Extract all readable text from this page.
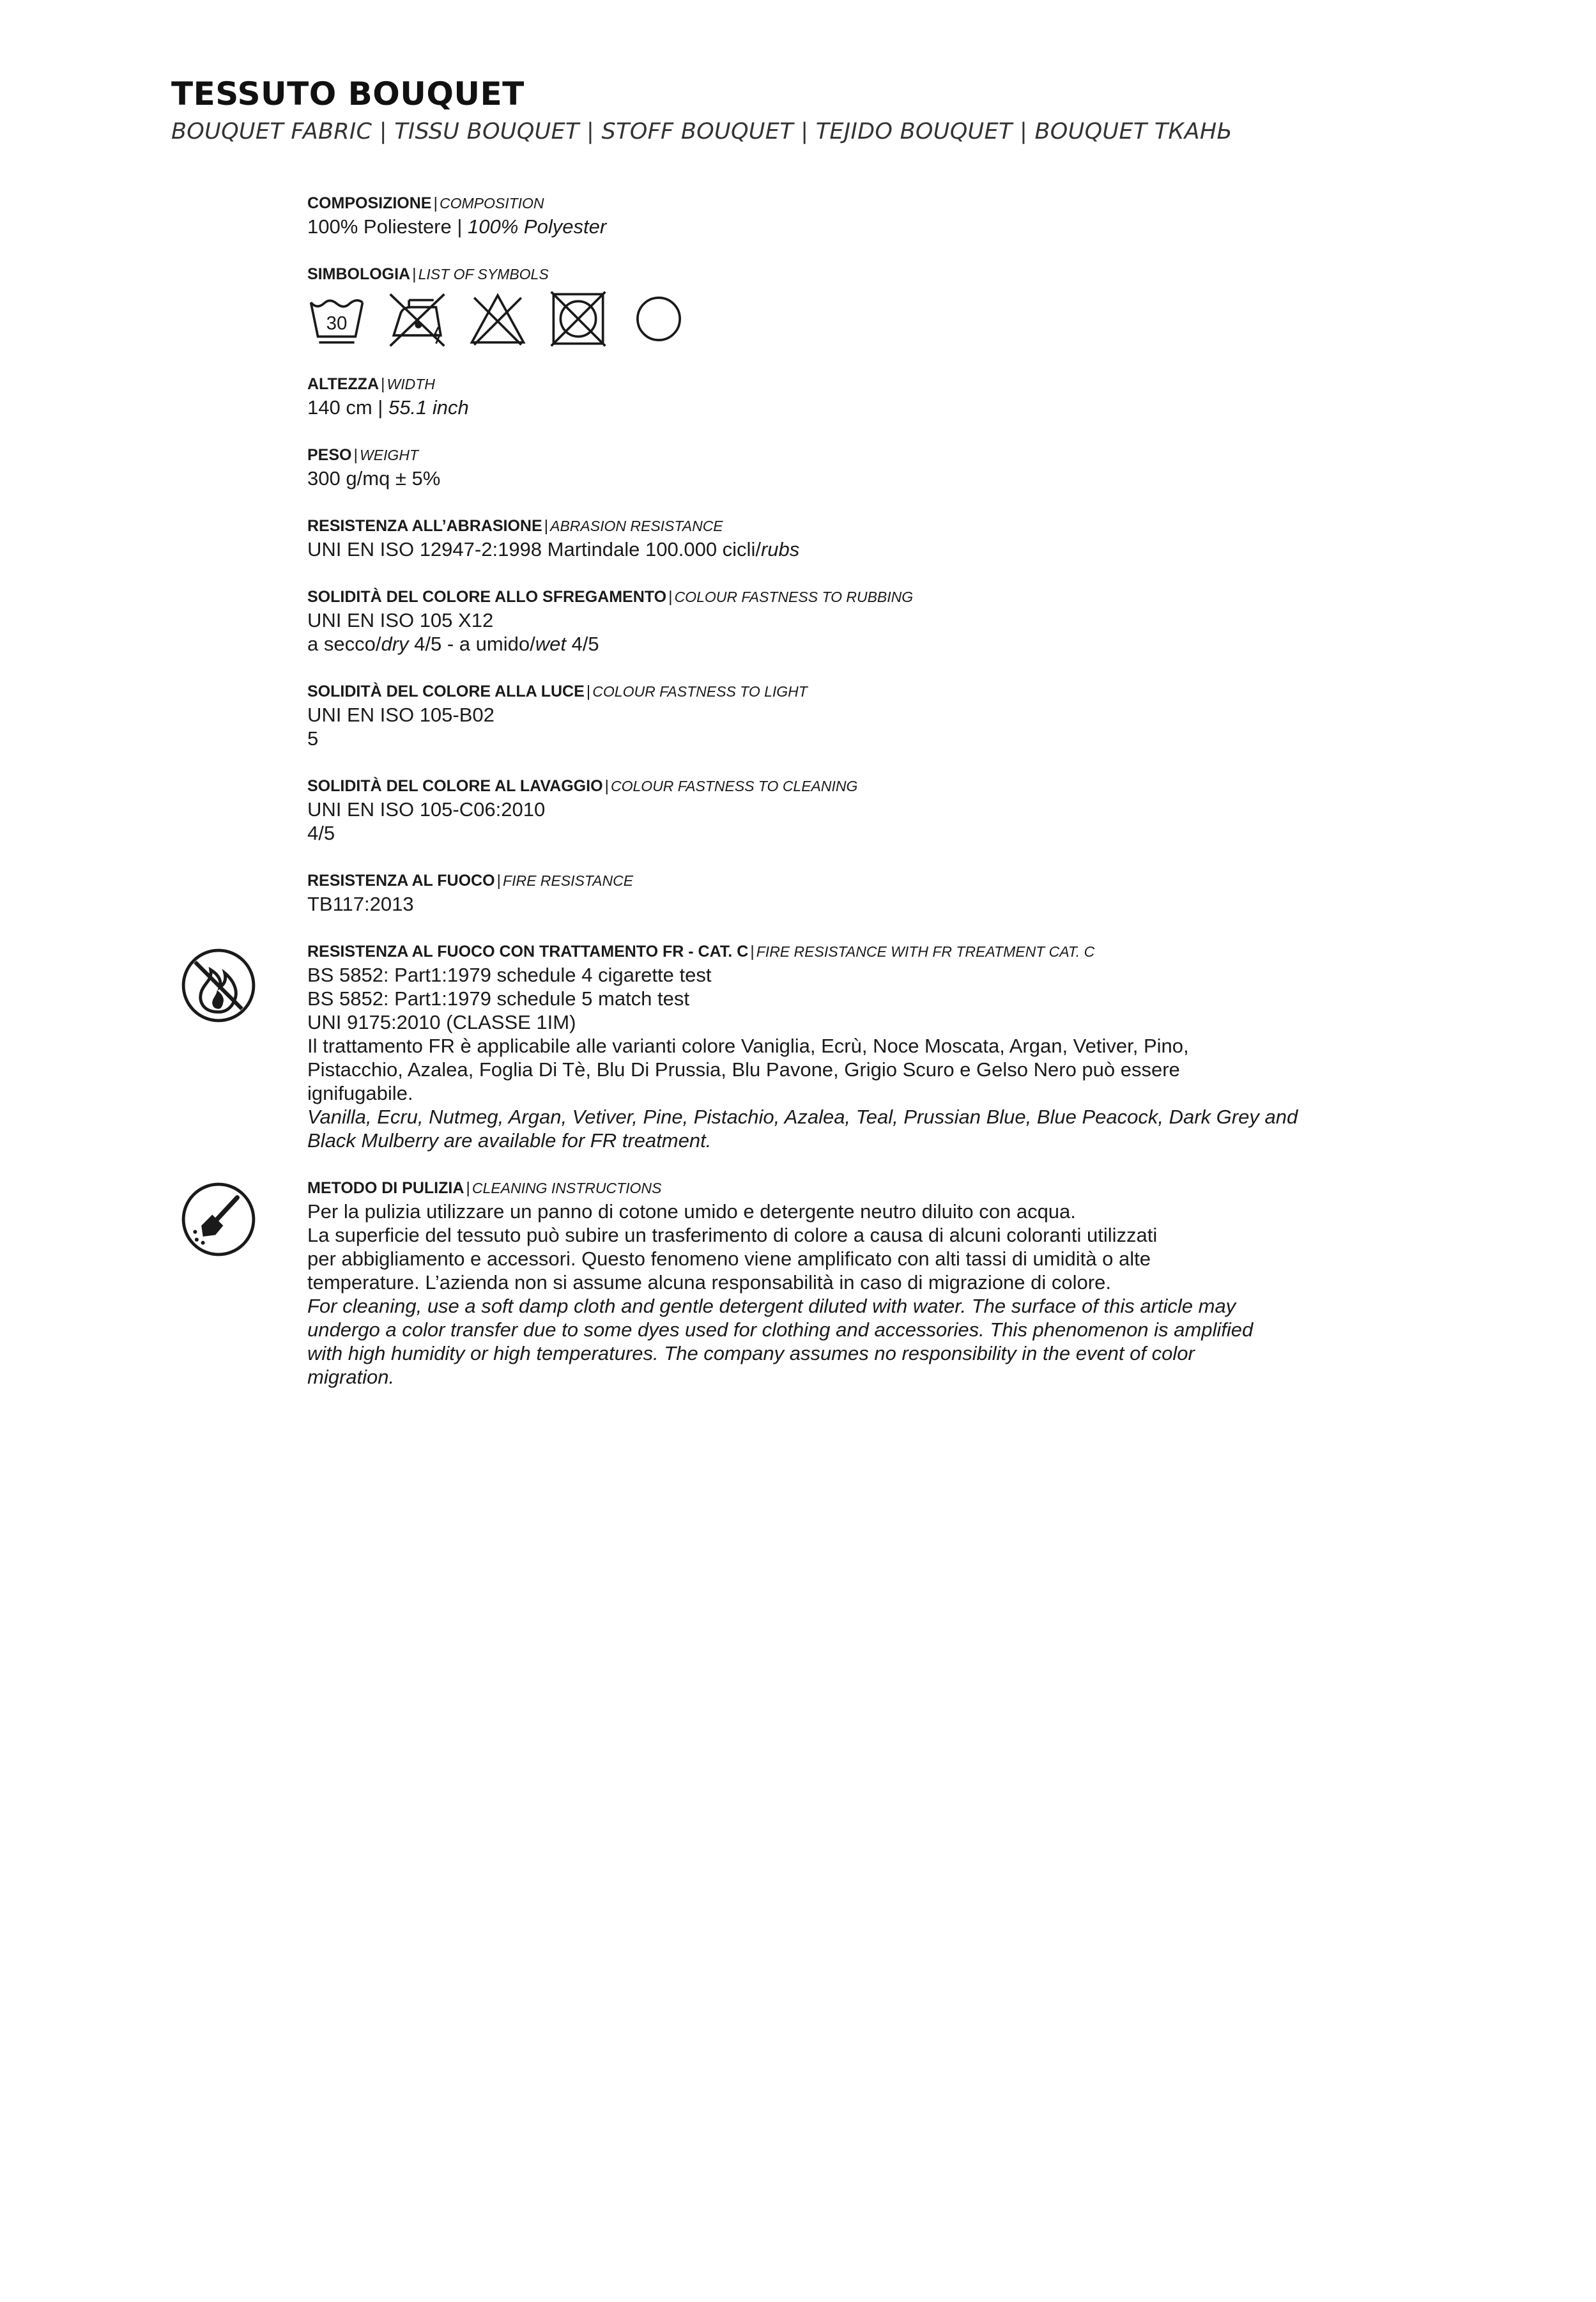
TESSUTO BOUQUET

BOUQUET FABRIC | TISSU BOUQUET | STOFF BOUQUET | TEJIDO BOUQUET | BOUQUET ТКАНЬ

COMPOSIZIONE | COMPOSITION
100% Poliestere | 100% Polyester
SIMBOLOGIA | LIST OF SYMBOLS
30
ALTEZZA | WIDTH
140 cm | 55.1 inch
PESO | WEIGHT
300 g/mq ± 5%
RESISTENZA ALL’ABRASIONE | ABRASION RESISTANCE
UNI EN ISO 12947-2:1998 Martindale 100.000 cicli/rubs
SOLIDITÀ DEL COLORE ALLO SFREGAMENTO | COLOUR FASTNESS TO RUBBING
UNI EN ISO 105 X12
a secco/dry 4/5 - a umido/wet 4/5
SOLIDITÀ DEL COLORE ALLA LUCE | COLOUR FASTNESS TO LIGHT
UNI EN ISO 105-B02
5
SOLIDITÀ DEL COLORE AL LAVAGGIO | COLOUR FASTNESS TO CLEANING
UNI EN ISO 105-C06:2010
4/5
RESISTENZA AL FUOCO | FIRE RESISTANCE
TB117:2013
RESISTENZA AL FUOCO CON TRATTAMENTO FR - CAT. C | FIRE RESISTANCE WITH FR TREATMENT CAT. C
BS 5852: Part1:1979 schedule 4 cigarette test
BS 5852: Part1:1979 schedule 5 match test
UNI 9175:2010 (CLASSE 1IM)
Il trattamento FR è applicabile alle varianti colore Vaniglia, Ecrù, Noce Moscata, Argan, Vetiver, Pino,
Pistacchio, Azalea, Foglia Di Tè, Blu Di Prussia, Blu Pavone, Grigio Scuro e Gelso Nero può essere
ignifugabile.
Vanilla, Ecru, Nutmeg, Argan, Vetiver, Pine, Pistachio, Azalea, Teal, Prussian Blue, Blue Peacock, Dark Grey and
Black Mulberry are available for FR treatment.
METODO DI PULIZIA | CLEANING INSTRUCTIONS
Per la pulizia utilizzare un panno di cotone umido e detergente neutro diluito con acqua.
La superficie del tessuto può subire un trasferimento di colore a causa di alcuni coloranti utilizzati
per abbigliamento e accessori. Questo fenomeno viene amplificato con alti tassi di umidità o alte
temperature. L’azienda non si assume alcuna responsabilità in caso di migrazione di colore.
For cleaning, use a soft damp cloth and gentle detergent diluted with water. The surface of this article may
undergo a color transfer due to some dyes used for clothing and accessories. This phenomenon is amplified
with high humidity or high temperatures. The company assumes no responsibility in the event of color
migration.
